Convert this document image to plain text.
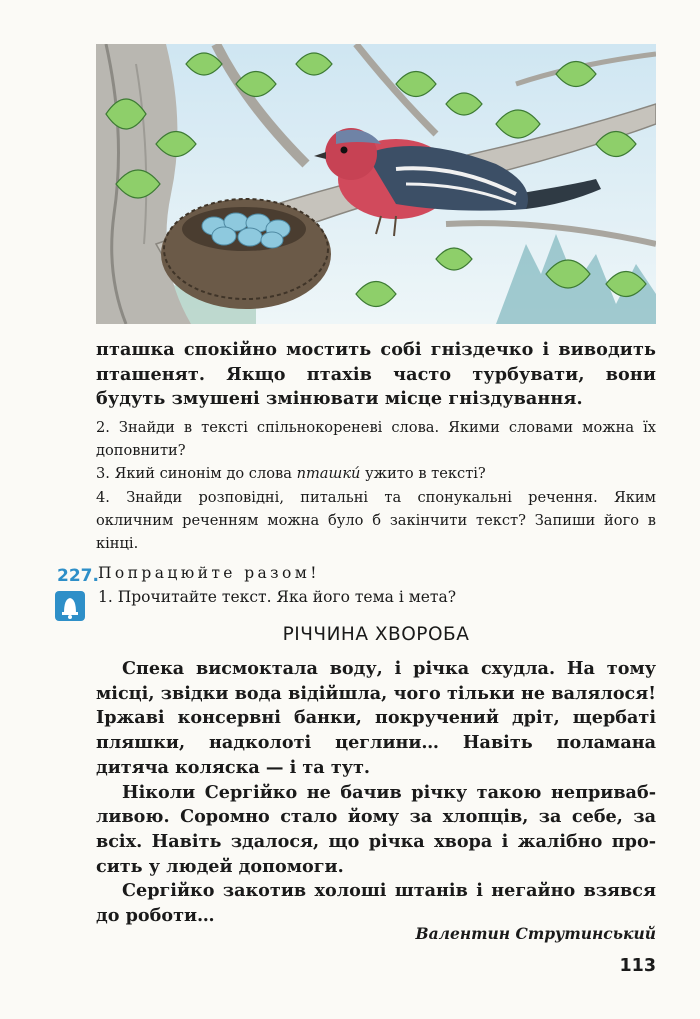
пташка спокійно мостить собі гніздечко і виводить пташенят. Якщо птахів часто турбувати, вони будуть змушені змінювати місце гніздування.

2. Знайди в тексті спільнокореневі слова. Якими словами можна їх доповнити?

3. Який синонім до слова пташки́ ужито в тексті?

4. Знайди розповідні, питальні та спонукальні речення. Яким окличним реченням можна було б закінчити текст? Запиши його в кінці.

227. Попрацюйте разом!
1. Прочитайте текст. Яка його тема і мета?
РІЧЧИНА ХВОРОБА

Спека висмоктала воду, і річка схудла. На тому місці, звідки вода відійшла, чого тільки не валялося! Іржаві консервні банки, покручений дріт, щербаті пляшки, надколоті цеглини… Навіть поламана дитяча коляска — і та тут.

Ніколи Сергійко не бачив річку такою непривабливою. Соромно стало йому за хлопців, за себе, за всіх. Навіть здалося, що річка хвора і жалібно просить у людей допомоги.

Сергійко закотив холоші штанів і негайно взявся до роботи…

Валентин Струтинський
113
